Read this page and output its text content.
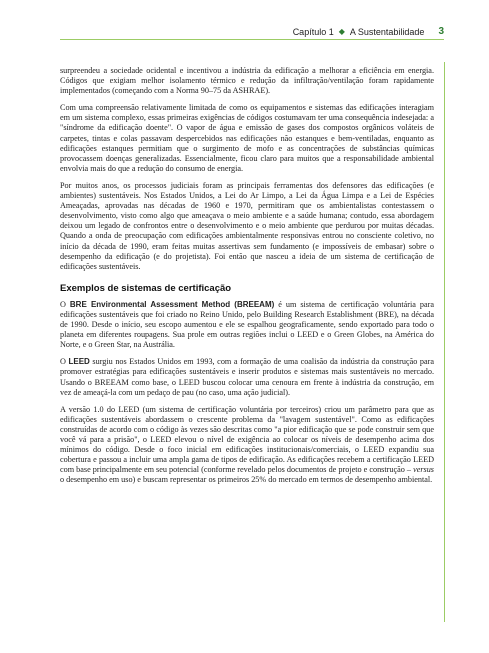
Capítulo 1 ◆ A Sustentabilidade 3

surpreendeu a sociedade ocidental e incentivou a indústria da edificação a melhorar a eficiência em energia. Códigos que exigiam melhor isolamento térmico e redução da infiltração/ventilação foram rapidamente implementados (começando com a Norma 90–75 da ASHRAE).

Com uma compreensão relativamente limitada de como os equipamentos e sistemas das edificações interagiam em um sistema complexo, essas primeiras exigências de códigos costumavam ter uma consequência indesejada: a "síndrome da edificação doente". O vapor de água e emissão de gases dos compostos orgânicos voláteis de carpetes, tintas e colas passavam despercebidos nas edificações não estanques e bem-ventiladas, enquanto as edificações estanques permitiam que o surgimento de mofo e as concentrações de substâncias químicas provocassem doenças generalizadas. Essencialmente, ficou claro para muitos que a responsabilidade ambiental envolvia mais do que a redução do consumo de energia.

Por muitos anos, os processos judiciais foram as principais ferramentas dos defensores das edificações (e ambientes) sustentáveis. Nos Estados Unidos, a Lei do Ar Limpo, a Lei da Água Limpa e a Lei de Espécies Ameaçadas, aprovadas nas décadas de 1960 e 1970, permitiram que os ambientalistas contestassem o desenvolvimento, visto como algo que ameaçava o meio ambiente e a saúde humana; contudo, essa abordagem deixou um legado de confrontos entre o desenvolvimento e o meio ambiente que perdurou por muitas décadas. Quando a onda de preocupação com edificações ambientalmente responsivas entrou no consciente coletivo, no início da década de 1990, eram feitas muitas assertivas sem fundamento (e impossíveis de embasar) sobre o desempenho da edificação (e do projetista). Foi então que nasceu a ideia de um sistema de certificação de edificações sustentáveis.

Exemplos de sistemas de certificação

O BRE Environmental Assessment Method (BREEAM) é um sistema de certificação voluntária para edificações sustentáveis que foi criado no Reino Unido, pelo Building Research Establishment (BRE), na década de 1990. Desde o início, seu escopo aumentou e ele se espalhou geograficamente, sendo exportado para todo o planeta em diferentes roupagens. Sua prole em outras regiões inclui o LEED e o Green Globes, na América do Norte, e o Green Star, na Austrália.

O LEED surgiu nos Estados Unidos em 1993, com a formação de uma coalisão da indústria da construção para promover estratégias para edificações sustentáveis e inserir produtos e sistemas mais sustentáveis no mercado. Usando o BREEAM como base, o LEED buscou colocar uma cenoura em frente à indústria da construção, em vez de ameaçá-la com um pedaço de pau (no caso, uma ação judicial).

A versão 1.0 do LEED (um sistema de certificação voluntária por terceiros) criou um parâmetro para que as edificações sustentáveis abordassem o crescente problema da "lavagem sustentável". Como as edificações construídas de acordo com o código às vezes são descritas como "a pior edificação que se pode construir sem que você vá para a prisão", o LEED elevou o nível de exigência ao colocar os níveis de desempenho acima dos mínimos do código. Desde o foco inicial em edificações institucionais/comerciais, o LEED expandiu sua cobertura e passou a incluir uma ampla gama de tipos de edificação. As edificações recebem a certificação LEED com base principalmente em seu potencial (conforme revelado pelos documentos de projeto e construção – versus o desempenho em uso) e buscam representar os primeiros 25% do mercado em termos de desempenho ambiental.
